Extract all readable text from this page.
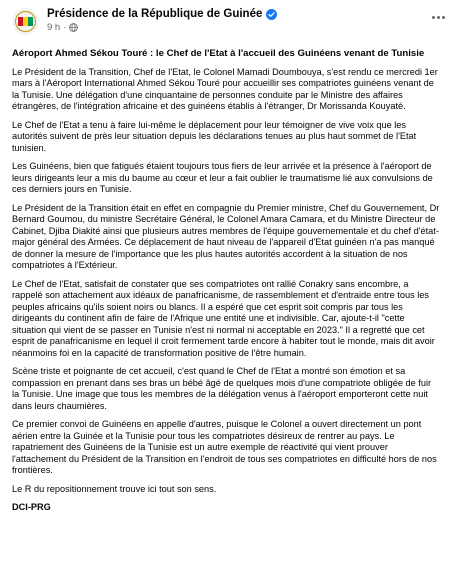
Présidence de la République de Guinée
9 h ·
Aéroport Ahmed Sékou Touré : le Chef de l'Etat à l'accueil des Guinéens venant de Tunisie

Le Président de la Transition, Chef de l'Etat, le Colonel Mamadi Doumbouya, s'est rendu ce mercredi 1er mars à l'Aéroport International Ahmed Sékou Touré pour accueillir ses compatriotes guinéens venant de la Tunisie. Une délégation d'une cinquantaine de personnes conduite par le Ministre des affaires étrangères, de l'intégration africaine et des guinéens établis à l'étranger, Dr Morissanda Kouyaté.

Le Chef de l'Etat a tenu à faire lui-même le déplacement pour leur témoigner de vive voix que les autorités suivent de près leur situation depuis les déclarations tenues au plus haut sommet de l'Etat tunisien.

Les Guinéens, bien que fatigués étaient toujours tous fiers de leur arrivée et la présence à l'aéroport de leurs dirigeants leur a mis du baume au cœur et leur a fait oublier le traumatisme lié aux convulsions de ces derniers jours en Tunisie.

Le Président de la Transition était en effet en compagnie du Premier ministre, Chef du Gouvernement, Dr Bernard Goumou, du ministre Secrétaire Général, le Colonel Amara Camara, et du Ministre Directeur de Cabinet, Djiba Diakité ainsi que plusieurs autres membres de l'équipe gouvernementale et du chef d'état-major général des Armées. Ce déplacement de haut niveau de l'appareil d'Etat guinéen n'a pas manqué de donner la mesure de l'importance que les plus hautes autorités accordent à la situation de nos compatriotes à l'Extérieur.

Le Chef de l'Etat, satisfait de constater que ses compatriotes ont rallié Conakry sans encombre, a rappelé son attachement aux idéaux de panafricanisme, de rassemblement et d'entraide entre tous les peuples africains qu'ils soient noirs ou blancs. Il a espéré que cet esprit soit compris par tous les dirigeants du continent afin de faire de l'Afrique une entité une et indivisible. Car, ajoute-t-il "cette situation qui vient de se passer en Tunisie n'est ni normal ni acceptable en 2023." Il a regretté que cet esprit de panafricanisme en lequel il croit fermement tarde encore à habiter tout le monde, mais dit avoir néanmoins foi en la capacité de transformation positive de l'être humain.

Scène triste et poignante de cet accueil, c'est quand le Chef de l'Etat a montré son émotion et sa compassion en prenant dans ses bras un bébé âgé de quelques mois d'une compatriote obligée de fuir la Tunisie. Une image que tous les membres de la délégation venus à l'aéroport emporteront cette nuit dans leurs chaumières.

Ce premier convoi de Guinéens en appelle d'autres, puisque le Colonel a ouvert directement un pont aérien entre la Guinée et la Tunisie pour tous les compatriotes désireux de rentrer au pays. Le rapatriement des Guinéens de la Tunisie est un autre exemple de réactivité qui vient prouver l'attachement du Président de la Transition en l'endroit de tous ses compatriotes en difficulté hors de nos frontières.

Le R du repositionnement trouve ici tout son sens.

DCI-PRG
